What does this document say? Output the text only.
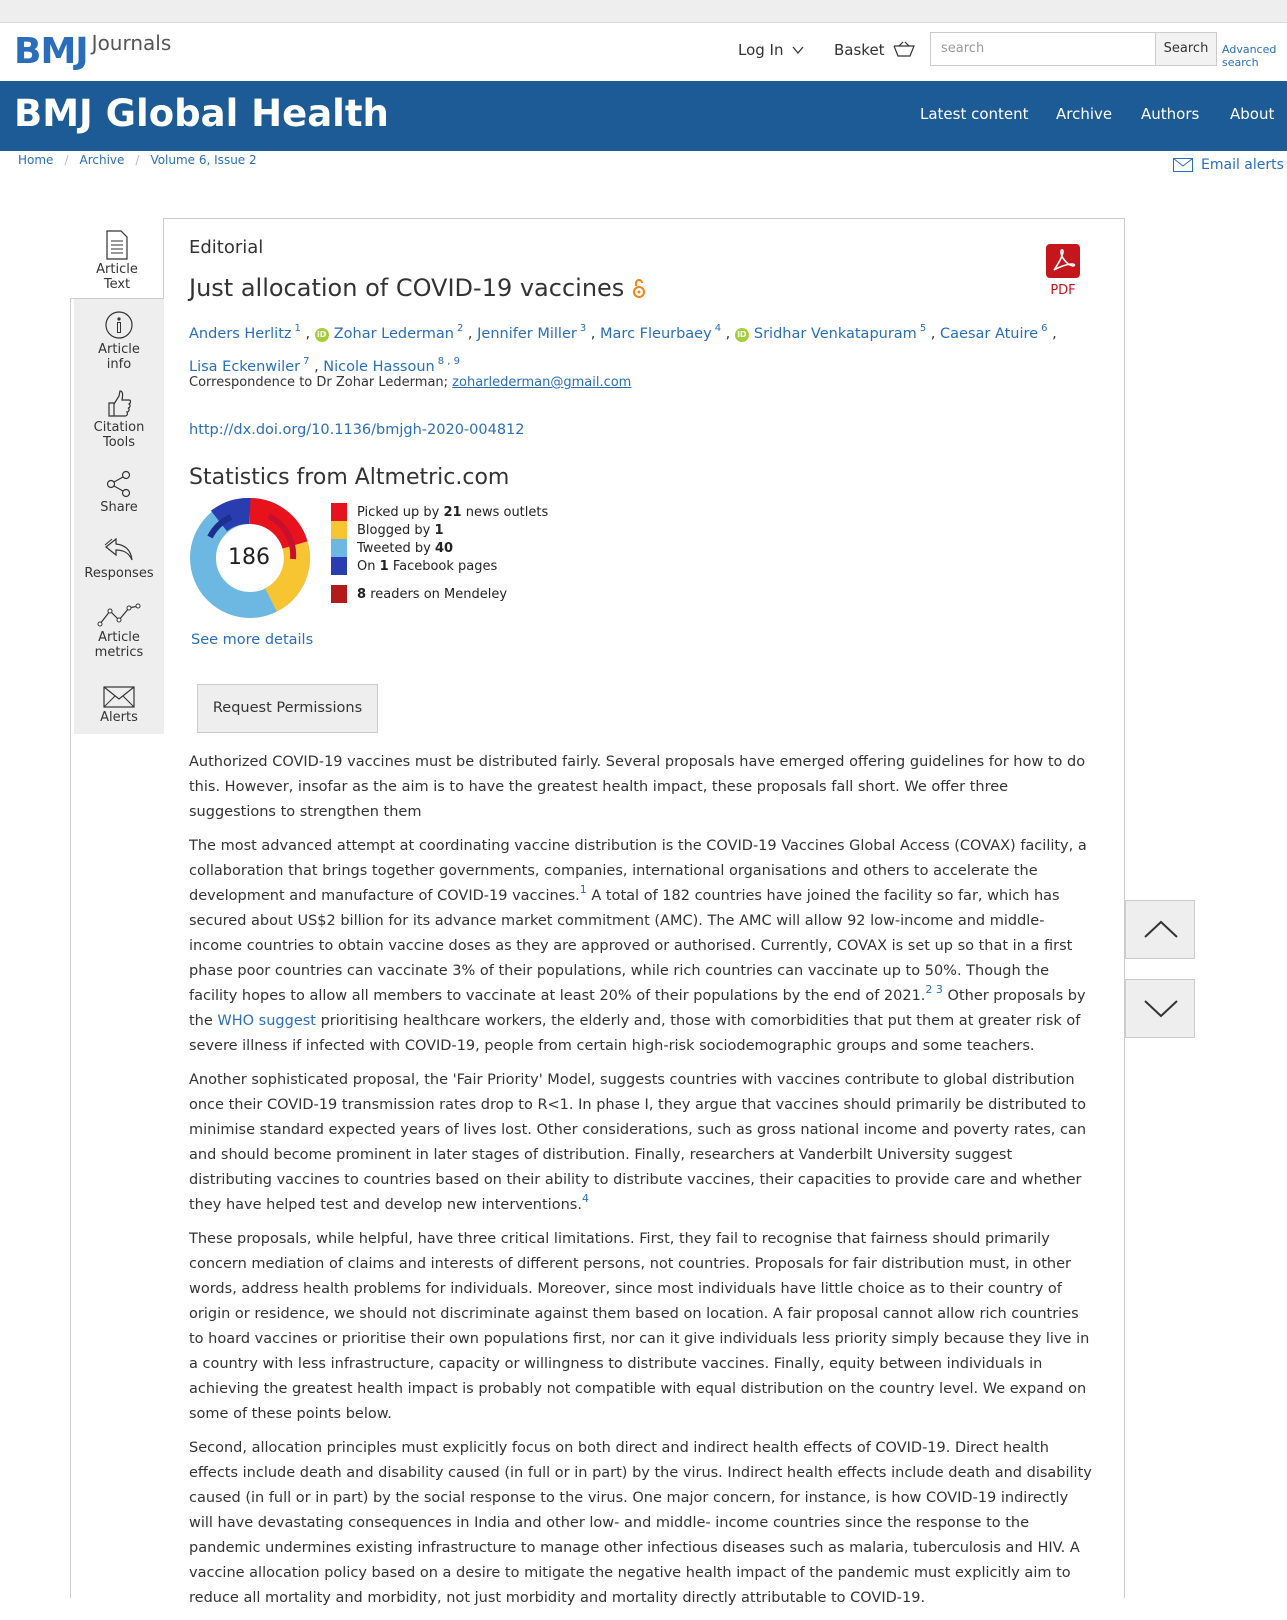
BMJ Journals	Log In	Basket	search	Search	Advanced search
BMJ Global Health	Latest content Archive Authors About
Home / Archive / Volume 6, Issue 2	Email alerts
Article Text
Article info
Citation Tools
Share
Responses
Article metrics
Alerts
Editorial
Just allocation of COVID-19 vaccines	PDF
Anders Herlitz $^1$ , iD Zohar Lederman $^2$ , Jennifer Miller $^3$ , Marc Fleurbaey $^4$ , iD Sridhar Venkatapuram $^5$ , Caesar Atuire $^6$ , Lisa Eckenwiler $^7$ , Nicole Hassoun $^{8 , 9}$
Correspondence to Dr Zohar Lederman; zoharlederman@gmail.com
http://dx.doi.org/10.1136/bmjgh-2020-004812
Statistics from Altmetric.com
186
Picked up by
21
news outlets
Blogged by
1
Tweeted by
40
On
1
Facebook pages
8
readers on Mendeley
See more details
Request Permissions

Authorized COVID-19 vaccines must be distributed fairly. Several proposals have emerged offering guidelines for how to do this. However, insofar as the aim is to have the greatest health impact, these proposals fall short. We offer three suggestions to strengthen them

The most advanced attempt at coordinating vaccine distribution is the COVID-19 Vaccines Global Access (COVAX) facility, a collaboration that brings together governments, companies, international organisations and others to accelerate the development and manufacture of COVID-19 vaccines.$^1$ A total of 182 countries have joined the facility so far, which has secured about US$2 billion for its advance market commitment (AMC). The AMC will allow 92 low-income and middle-income countries to obtain vaccine doses as they are approved or authorised. Currently, COVAX is set up so that in a first phase poor countries can vaccinate 3% of their populations, while rich countries can vaccinate up to 50%. Though the facility hopes to allow all members to vaccinate at least 20% of their populations by the end of 2021.$^{2 3}$ Other proposals by the WHO suggest prioritising healthcare workers, the elderly and, those with comorbidities that put them at greater risk of severe illness if infected with COVID-19, people from certain high-risk sociodemographic groups and some teachers.

Another sophisticated proposal, the 'Fair Priority' Model, suggests countries with vaccines contribute to global distribution once their COVID-19 transmission rates drop to R<1. In phase I, they argue that vaccines should primarily be distributed to minimise standard expected years of lives lost. Other considerations, such as gross national income and poverty rates, can and should become prominent in later stages of distribution. Finally, researchers at Vanderbilt University suggest distributing vaccines to countries based on their ability to distribute vaccines, their capacities to provide care and whether they have helped test and develop new interventions.$^4$

These proposals, while helpful, have three critical limitations. First, they fail to recognise that fairness should primarily concern mediation of claims and interests of different persons, not countries. Proposals for fair distribution must, in other words, address health problems for individuals. Moreover, since most individuals have little choice as to their country of origin or residence, we should not discriminate against them based on location. A fair proposal cannot allow rich countries to hoard vaccines or prioritise their own populations first, nor can it give individuals less priority simply because they live in a country with less infrastructure, capacity or willingness to distribute vaccines. Finally, equity between individuals in achieving the greatest health impact is probably not compatible with equal distribution on the country level. We expand on some of these points below.

Second, allocation principles must explicitly focus on both direct and indirect health effects of COVID-19. Direct health effects include death and disability caused (in full or in part) by the virus. Indirect health effects include death and disability caused (in full or in part) by the social response to the virus. One major concern, for instance, is how COVID-19 indirectly will have devastating consequences in India and other low- and middle- income countries since the response to the pandemic undermines existing infrastructure to manage other infectious diseases such as malaria, tuberculosis and HIV. A vaccine allocation policy based on a desire to mitigate the negative health impact of the pandemic must explicitly aim to reduce all mortality and morbidity, not just morbidity and mortality directly attributable to COVID-19.
